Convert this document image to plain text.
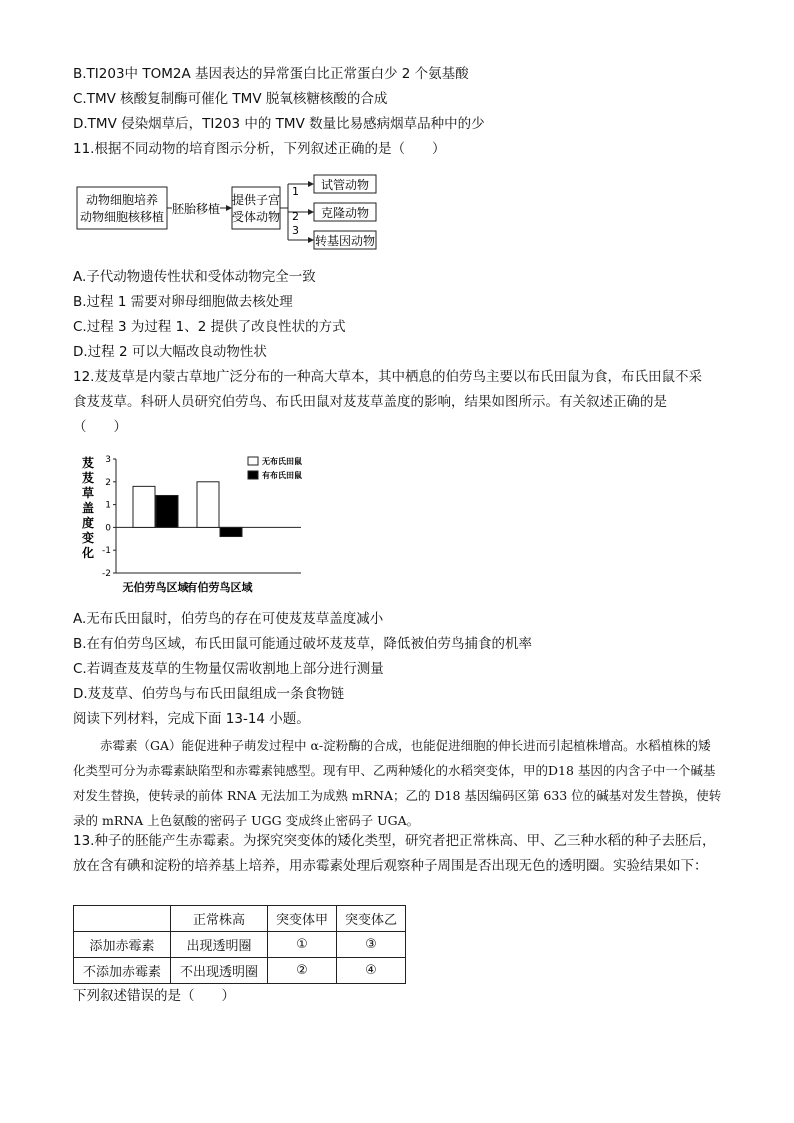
B.TI203中 TOM2A 基因表达的异常蛋白比正常蛋白少 2 个氨基酸
C.TMV 核酸复制酶可催化 TMV 脱氧核糖核酸的合成
D.TMV 侵染烟草后，TI203 中的 TMV 数量比易感病烟草品种中的少
11.根据不同动物的培育图示分析，下列叙述正确的是（　　）
动物细胞培养
动物细胞核移植
胚胎移植
提供子宫
受体动物
1
2
3
试管动物
克隆动物
转基因动物
A.子代动物遗传性状和受体动物完全一致
B.过程 1 需要对卵母细胞做去核处理
C.过程 3 为过程 1、2 提供了改良性状的方式
D.过程 2 可以大幅改良动物性状
12.芨芨草是内蒙古草地广泛分布的一种高大草本，其中栖息的伯劳鸟主要以布氏田鼠为食，布氏田鼠不采
食芨芨草。科研人员研究伯劳鸟、布氏田鼠对芨芨草盖度的影响，结果如图所示。有关叙述正确的是
（　　）
芨
芨
草
盖
度
变
化
3
2
1
0
-1
-2
无布氏田鼠
有布氏田鼠
无伯劳鸟区域
有伯劳鸟区域
A.无布氏田鼠时，伯劳鸟的存在可使芨芨草盖度减小
B.在有伯劳鸟区域，布氏田鼠可能通过破坏芨芨草，降低被伯劳鸟捕食的机率
C.若调查芨芨草的生物量仅需收割地上部分进行测量
D.芨芨草、伯劳鸟与布氏田鼠组成一条食物链
阅读下列材料，完成下面 13-14 小题。
赤霉素（GA）能促进种子萌发过程中 α-淀粉酶的合成，也能促进细胞的伸长进而引起植株增高。水稻植株的矮化类型可分为赤霉素缺陷型和赤霉素钝感型。现有甲、乙两种矮化的水稻突变体，甲的D18 基因的内含子中一个碱基对发生替换，使转录的前体 RNA 无法加工为成熟 mRNA；乙的 D18 基因编码区第 633 位的碱基对发生替换，使转录的 mRNA 上色氨酸的密码子 UGG 变成终止密码子 UGA。
13.种子的胚能产生赤霉素。为探究突变体的矮化类型，研究者把正常株高、甲、乙三种水稻的种子去胚后，放在含有碘和淀粉的培养基上培养，用赤霉素处理后观察种子周围是否出现无色的透明圈。实验结果如下：
	正常株高	突变体甲	突变体乙
添加赤霉素	出现透明圈	①	③
不添加赤霉素	不出现透明圈	②	④
下列叙述错误的是（　　）
